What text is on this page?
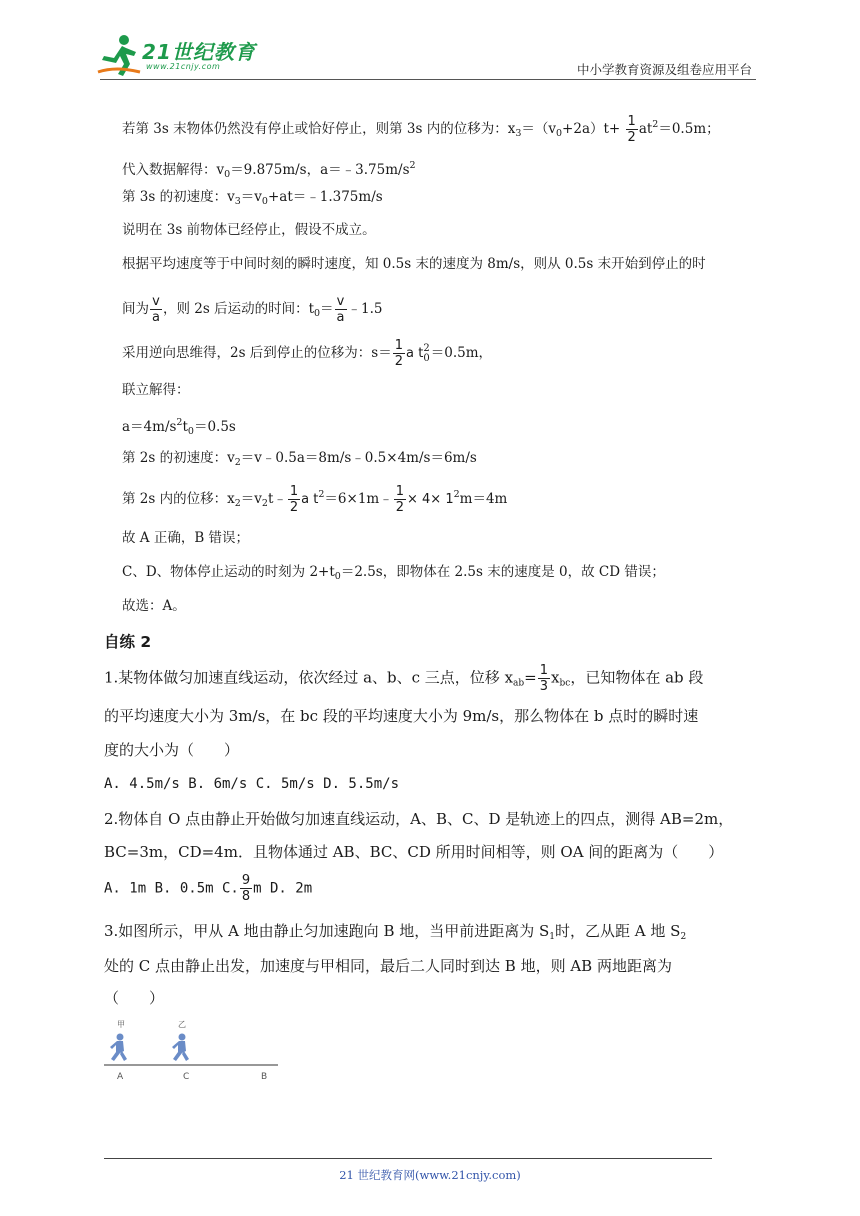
21世纪教育
www.21cnjy.com	中小学教育资源及组卷应用平台
若第 3s 末物体仍然没有停止或恰好停止，则第 3s 内的位移为：$x_3=(v_0+2a)t+ \frac{1}{2} at^2=0.5m$；
代入数据解得：$v_0=9.875m/s$，$a=﹣3.75m/s^2$
第 3s 的初速度：$v_3=v_0+at=﹣1.375m/s$
说明在 3s 前物体已经停止，假设不成立。
根据平均速度等于中间时刻的瞬时速度，知 0.5s 末的速度为 8m/s，则从 0.5s 末开始到停止的时
间为 $\frac{v}{a}$ ，则 2s 后运动的时间：$t_0= \frac{v}{a}$ ﹣1.5
采用逆向思维得，2s 后到停止的位移为：$s= \frac{1}{2}$ a t 2
0 ＝0.5m，
联立解得：
$a=4m/s^2t_0=0.5s$
第 2s 的初速度：$v_2=v﹣0.5a=8m/s﹣0.5\times 4m/s=6m/s$
第 2s 内的位移：$x_2=v_2t﹣ \frac{1}{2}$ a $t^2=6\times 1m﹣ \frac{1}{2} \times 4\times 1^2m=4m$
故 A 正确，B 错误；
C、D、物体停止运动的时刻为 $2+t_0=2.5s$，即物体在 2.5s 末的速度是 0，故 CD 错误；
故选：A。
自练 2
1.某物体做匀加速直线运动，依次经过 a、b、c 三点，位移 $x_{ab}= \frac{1}{3} x_{bc}$，已知物体在 ab 段
的平均速度大小为 3m/s，在 bc 段的平均速度大小为 9m/s，那么物体在 b 点时的瞬时速
度的大小为（　　）
A. 4.5m/s B. 6m/s C. 5m/s D. 5.5m/s
2.物体自 O 点由静止开始做匀加速直线运动，A、B、C、D 是轨迹上的四点，测得 AB=2m，
BC=3m，CD=4m．且物体通过 AB、BC、CD 所用时间相等，则 OA 间的距离为（　　）
A. 1m B. 0.5m C. $\frac{9}{8}$ m D. 2m
3.如图所示，甲从 A 地由静止匀加速跑向 B 地，当甲前进距离为 $S_1$时，乙从距 A 地 $S_2$
处的 C 点由静止出发，加速度与甲相同，最后二人同时到达 B 地，则 AB 两地距离为
（　　）
甲	乙
A	C	B
21 世纪教育网(www.21cnjy.com)
